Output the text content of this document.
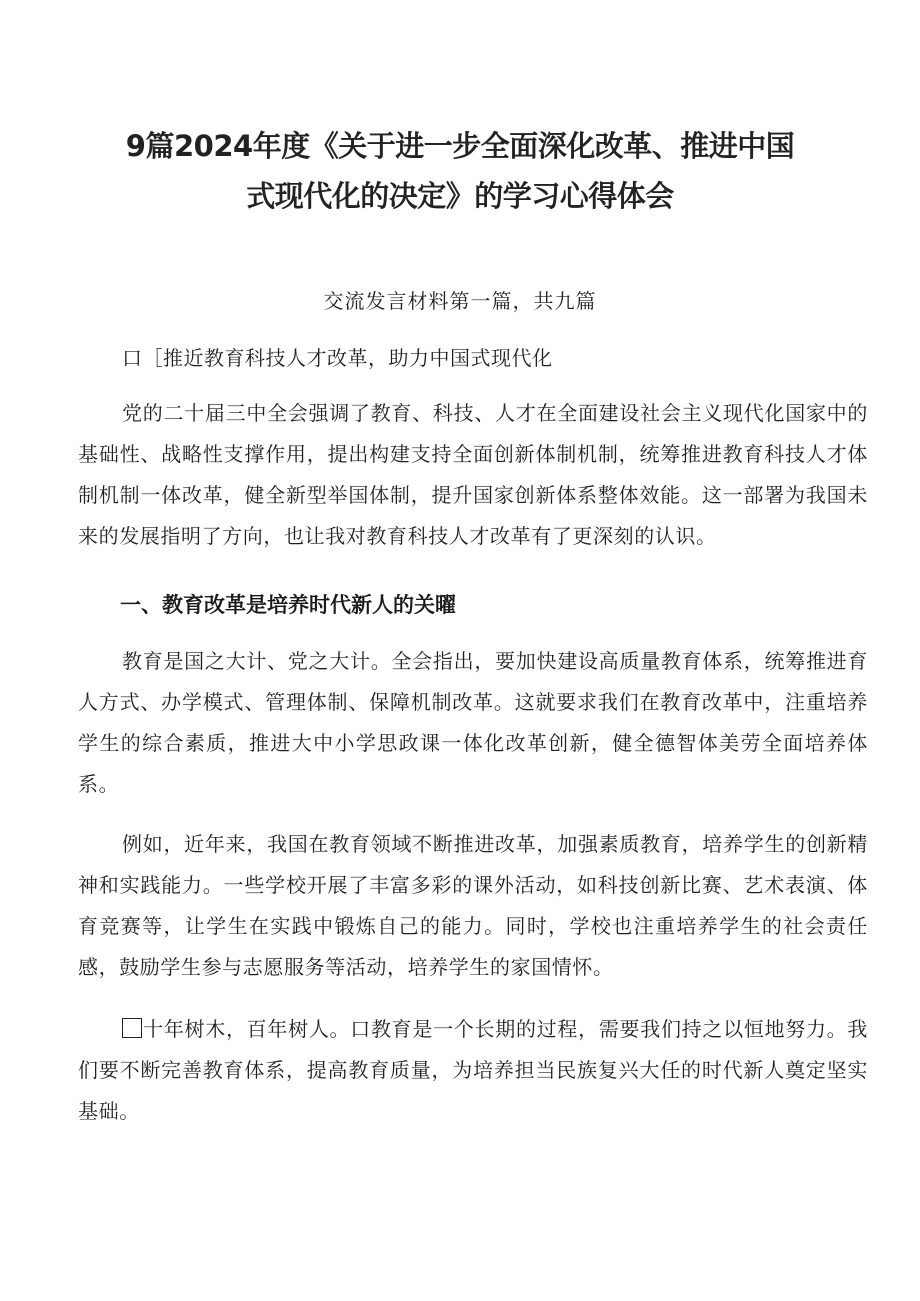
9篇2024年度《关于进一步全面深化改革、推进中国
式现代化的决定》的学习心得体会

交流发言材料第一篇，共九篇

口［推近教育科技人才改革，助力中国式现代化

党的二十届三中全会强调了教育、科技、人才在全面建设社会主义现代化国家中的基础性、战略性支撑作用，提出构建支持全面创新体制机制，统筹推进教育科技人才体制机制一体改革，健全新型举国体制，提升国家创新体系整体效能。这一部署为我国未来的发展指明了方向，也让我对教育科技人才改革有了更深刻的认识。

一、教育改革是培养时代新人的关曜

教育是国之大计、党之大计。全会指出，要加快建设高质量教育体系，统筹推进育人方式、办学模式、管理体制、保障机制改革。这就要求我们在教育改革中，注重培养学生的综合素质，推进大中小学思政课一体化改革创新，健全德智体美劳全面培养体系。

例如，近年来，我国在教育领域不断推进改革，加强素质教育，培养学生的创新精神和实践能力。一些学校开展了丰富多彩的课外活动，如科技创新比赛、艺术表演、体育竞赛等，让学生在实践中锻炼自己的能力。同时，学校也注重培养学生的社会责任感，鼓励学生参与志愿服务等活动，培养学生的家国情怀。

十年树木，百年树人。口教育是一个长期的过程，需要我们持之以恒地努力。我们要不断完善教育体系，提高教育质量，为培养担当民族复兴大任的时代新人奠定坚实基础。
